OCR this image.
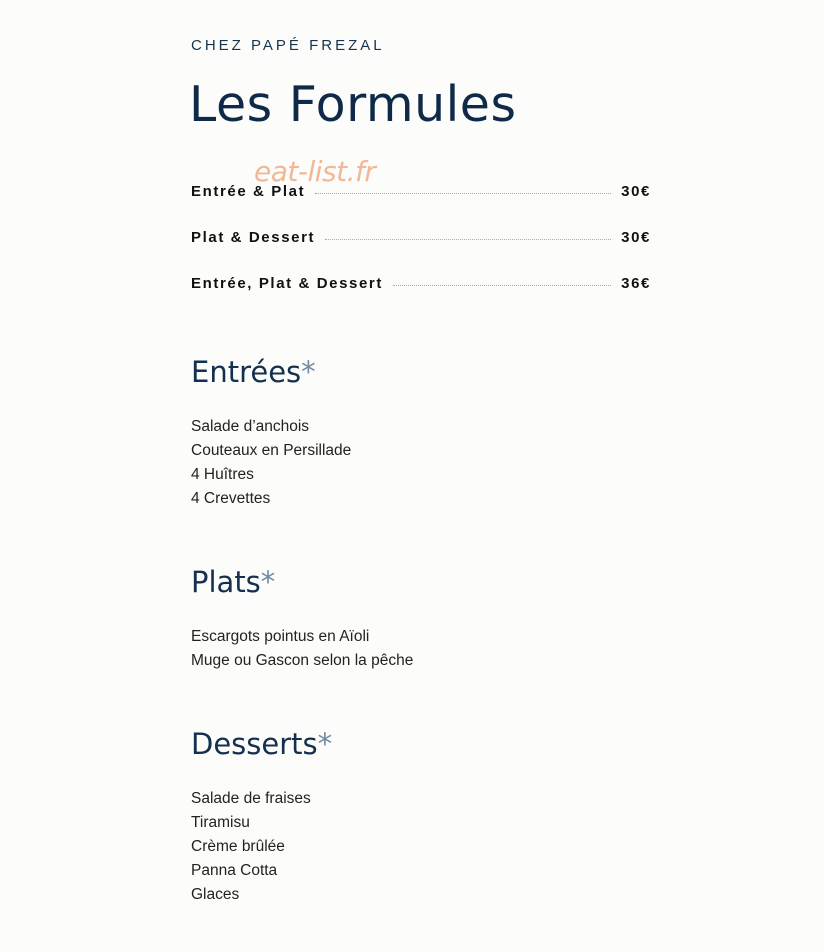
CHEZ PAPÉ FREZAL
Les Formules
Entrée & Plat	30€
Plat & Dessert	30€
Entrée, Plat & Dessert	36€
eat-list.fr
Entrées*
Salade d’anchois
Couteaux en Persillade
4 Huîtres
4 Crevettes
Plats*
Escargots pointus en Aïoli
Muge ou Gascon selon la pêche
Desserts*
Salade de fraises
Tiramisu
Crème brûlée
Panna Cotta
Glaces
